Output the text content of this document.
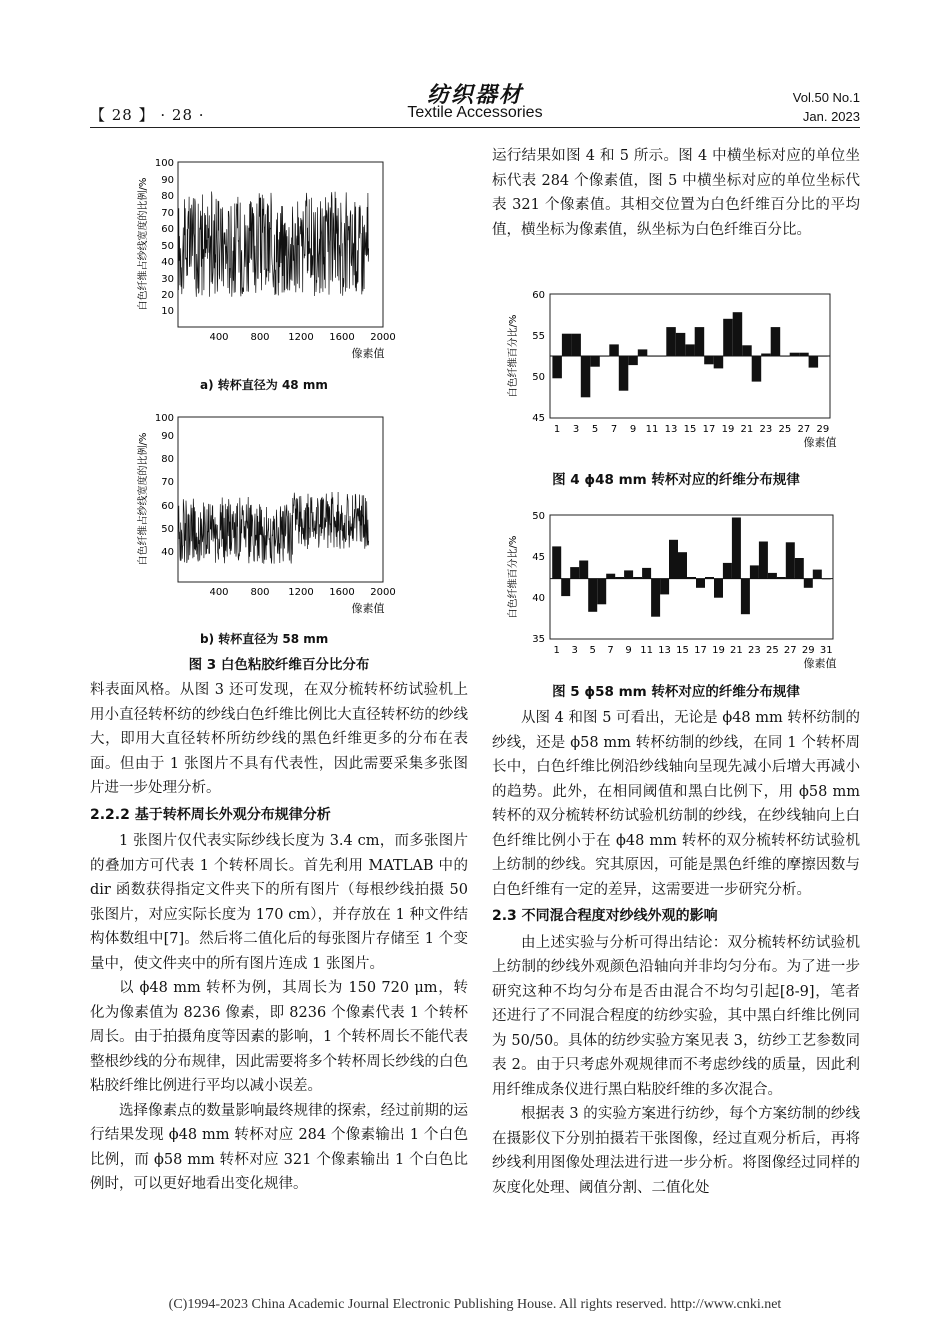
【 28 】 · 28 ·
纺织器材
Textile Accessories
Vol.50 No.1
Jan. 2023
10
20
30
40
50
60
70
80
90
100
400 800 1200 1600 2000
像素值
白色纤维占纱线宽度的比例/%
a) 转杯直径为 48 mm
40
50
60
70
80
90
100
400 800 1200 1600 2000
像素值
白色纤维占纱线宽度的比例/%
b) 转杯直径为 58 mm
图 3 白色粘胶纤维百分比分布

料表面风格。从图 3 还可发现，在双分梳转杯纺试验机上用小直径转杯纺的纱线白色纤维比例比大直径转杯纺的纱线大，即用大直径转杯所纺纱线的黑色纤维更多的分布在表面。但由于 1 张图片不具有代表性，因此需要采集多张图片进一步处理分析。

2.2.2 基于转杯周长外观分布规律分析

1 张图片仅代表实际纱线长度为 3.4 cm，而多张图片的叠加方可代表 1 个转杯周长。首先利用 MATLAB 中的 dir 函数获得指定文件夹下的所有图片（每根纱线拍摄 50 张图片，对应实际长度为 170 cm），并存放在 1 种文件结构体数组中[7]。然后将二值化后的每张图片存储至 1 个变量中，使文件夹中的所有图片连成 1 张图片。

以 ϕ48 mm 转杯为例，其周长为 150 720 μm，转化为像素值为 8236 像素，即 8236 个像素代表 1 个转杯周长。由于拍摄角度等因素的影响，1 个转杯周长不能代表整根纱线的分布规律，因此需要将多个转杯周长纱线的白色粘胶纤维比例进行平均以减小误差。

选择像素点的数量影响最终规律的探索，经过前期的运行结果发现 ϕ48 mm 转杯对应 284 个像素输出 1 个白色比例，而 ϕ58 mm 转杯对应 321 个像素输出 1 个白色比例时，可以更好地看出变化规律。

运行结果如图 4 和 5 所示。图 4 中横坐标对应的单位坐标代表 284 个像素值，图 5 中横坐标对应的单位坐标代表 321 个像素值。其相交位置为白色纤维百分比的平均值，横坐标为像素值，纵坐标为白色纤维百分比。

45
50
55
60
1 3 5 7 9 11 13 15 17 19 21 23 25 27 29
像素值
白色纤维百分比/%
图 4 ϕ48 mm 转杯对应的纤维分布规律
35
40
45
50
1 3 5 7 9 11 13 15 17 19 21 23 25 27 29 31
像素值
白色纤维百分比/%
图 5 ϕ58 mm 转杯对应的纤维分布规律

从图 4 和图 5 可看出，无论是 ϕ48 mm 转杯纺制的纱线，还是 ϕ58 mm 转杯纺制的纱线，在同 1 个转杯周长中，白色纤维比例沿纱线轴向呈现先减小后增大再减小的趋势。此外，在相同阈值和黑白比例下，用 ϕ58 mm 转杯的双分梳转杯纺试验机纺制的纱线，在纱线轴向上白色纤维比例小于在 ϕ48 mm 转杯的双分梳转杯纺试验机上纺制的纱线。究其原因，可能是黑色纤维的摩擦因数与白色纤维有一定的差异，这需要进一步研究分析。

2.3 不同混合程度对纱线外观的影响

由上述实验与分析可得出结论：双分梳转杯纺试验机上纺制的纱线外观颜色沿轴向并非均匀分布。为了进一步研究这种不均匀分布是否由混合不均匀引起[8-9]，笔者还进行了不同混合程度的纺纱实验，其中黑白纤维比例同为 50/50。具体的纺纱实验方案见表 3，纺纱工艺参数同表 2。由于只考虑外观规律而不考虑纱线的质量，因此利用纤维成条仪进行黑白粘胶纤维的多次混合。

根据表 3 的实验方案进行纺纱，每个方案纺制的纱线在摄影仪下分别拍摄若干张图像，经过直观分析后，再将纱线利用图像处理法进行进一步分析。将图像经过同样的灰度化处理、阈值分割、二值化处

(C)1994-2023 China Academic Journal Electronic Publishing House. All rights reserved. http://www.cnki.net
